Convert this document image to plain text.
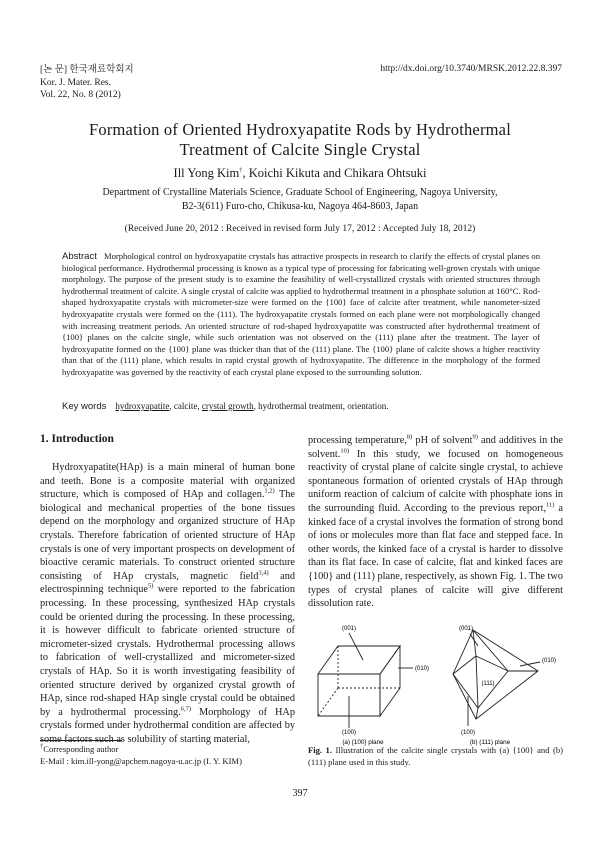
[논 문] 한국재료학회지
Kor. J. Mater. Res.
Vol. 22, No. 8 (2012)
http://dx.doi.org/10.3740/MRSK.2012.22.8.397
Formation of Oriented Hydroxyapatite Rods by Hydrothermal
Treatment of Calcite Single Crystal
Ill Yong Kim†, Koichi Kikuta and Chikara Ohtsuki
Department of Crystalline Materials Science, Graduate School of Engineering, Nagoya University,
B2-3(611) Furo-cho, Chikusa-ku, Nagoya 464-8603, Japan
(Received June 20, 2012 : Received in revised form July 17, 2012 : Accepted July 18, 2012)
Abstract Morphological control on hydroxyapatite crystals has attractive prospects in research to clarify the effects of crystal planes on biological performance. Hydrothermal processing is known as a typical type of processing for fabricating well-grown crystals with unique morphology. The purpose of the present study is to examine the feasibility of well-crystallized crystals with oriented structures through hydrothermal treatment of calcite. A single crystal of calcite was applied to hydrothermal treatment in a phosphate solution at 160°C. Rod-shaped hydroxyapatite crystals with micrometer-size were formed on the {100} face of calcite after treatment, while nanometer-sized hydroxyapatite crystals were formed on the (111). The hydroxyapatite crystals formed on each plane were not morphologically changed with increasing treatment periods. An oriented structure of rod-shaped hydroxyapatite was constructed after hydrothermal treatment of {100} planes on the calcite single, while such orientation was not observed on the (111) plane after the treatment. The layer of hydroxyapatite formed on the {100} plane was thicker than that of the (111) plane. The {100} plane of calcite shows a higher reactivity than that of the (111) plane, which results in rapid crystal growth of hydroxyapatite. The difference in the morphology of the formed hydroxyapatite was governed by the reactivity of each crystal plane exposed to the surrounding solution.
Key words hydroxyapatite, calcite, crystal growth, hydrothermal treatment, orientation.
1. Introduction
Hydroxyapatite(HAp) is a main mineral of human bone and teeth. Bone is a composite material with organized structure, which is composed of HAp and collagen.$^{1,2)}$ The biological and mechanical properties of the bone tissues depend on the morphology and organized structure of HAp crystals. Therefore fabrication of oriented structure of HAp crystals is one of very important prospects on development of bioactive ceramic materials. To construct oriented structure consisting of HAp crystals, magnetic field$^{3,4)}$ and electrospinning technique$^{5)}$ were reported to the fabrication processing. In these processing, synthesized HAp crystals could be oriented during the processing. In these processing, it is however difficult to fabricate oriented structure of micrometer-sized crystals. Hydrothermal processing allows to fabrication of well-crystallized and micrometer-sized crystals of HAp. So it is worth investigating feasibility of oriented structure derived by organized crystal growth of HAp, since rod-shaped HAp single crystal could be obtained by a hydrothermal processing.$^{6,7)}$ Morphology of HAp crystals formed under hydrothermal condition are affected by some factors such as solubility of starting material,
processing temperature,$^{8)}$ pH of solvent$^{9)}$ and additives in the solvent.$^{10)}$ In this study, we focused on homogeneous reactivity of crystal plane of calcite single crystal, to achieve spontaneous formation of oriented crystals of HAp through uniform reaction of calcium of calcite with phosphate ions in the surrounding fluid. According to the previous report,$^{11)}$ a kinked face of a crystal involves the formation of strong bond of ions or molecules more than flat face and stepped face. In other words, the kinked face of a crystal is harder to dissolve than its flat face. In case of calcite, flat and kinked faces are {100} and (111) plane, respectively, as shown Fig. 1. The two types of crystal planes of calcite will give different dissolution rate.
(001)
(010)
(100)
(a) {100} plane
(001)
(111)
(010)
(100)
(b) (111) plane
Fig. 1. Illustration of the calcite single crystals with (a) {100} and (b) (111) plane used in this study.
†Corresponding author
E-Mail : kim.ill-yong@apchem.nagoya-u.ac.jp (I. Y. KIM)
397
